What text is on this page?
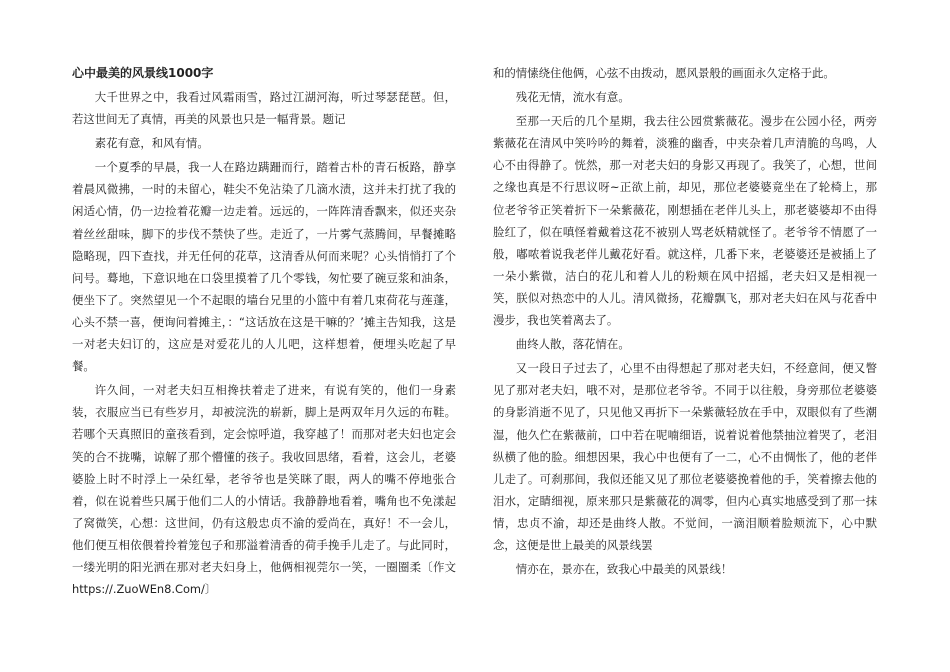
心中最美的风景线1000字

大千世界之中，我看过风霜雨雪，路过江湖河海，听过琴瑟琵琶。但，若这世间无了真情，再美的风景也只是一幅背景。题记

素花有意，和风有情。

一个夏季的早晨，我一人在路边蹒跚而行，踏着古朴的青石板路，静享着晨风微拂，一时的未留心，鞋尖不免沾染了几滴水渍，这并未打扰了我的闲适心情，仍一边捡着花瓣一边走着。远远的，一阵阵清香飘来，似还夹杂着丝丝甜味，脚下的步伐不禁快了些。走近了，一片雾气蒸腾间，早餐摊略隐略现，四下查找，并无任何的花草，这清香从何而来呢？心头悄悄打了个问号。蓦地，下意识地在口袋里摸着了几个零钱，匆忙要了碗豆浆和油条，便坐下了。突然望见一个不起眼的墙台兄里的小篮中有着几束荷花与莲蓬，心头不禁一喜，便询问着摊主，：“这话放在这是干嘛的？’摊主告知我，这是一对老夫妇订的，这应是对爱花儿的人儿吧，这样想着，便埋头吃起了早餐。

许久间，一对老夫妇互相搀扶着走了进来，有说有笑的，他们一身素装，衣服应当已有些岁月，却被浣洗的崭新，脚上是两双年月久远的布鞋。若哪个天真照旧的童孩看到，定会惊呼道，我穿越了！而那对老夫妇也定会笑的合不拢嘴，谅解了那个懵懂的孩子。我收回思绪，看着，这会儿，老婆婆脸上时不时浮上一朵红晕，老爷爷也是笑眯了眼，两人的嘴不停地张合着，似在说着些只属于他们二人的小情话。我静静地看着，嘴角也不免漾起了窝微笑，心想：这世间，仍有这般忠贞不渝的爱尚在，真好！不一会儿，他们便互相依偎着拎着笼包子和那溢着清香的荷手挽手儿走了。与此同时，一缕光明的阳光洒在那对老夫妇身上，他俩相视莞尔一笑，一圈圈柔〔作文https://.ZuoWEn8.Com/〕

和的情愫绕住他俩，心弦不由拨动，愿风景般的画面永久定格于此。

残花无情，流水有意。

至那一天后的几个星期，我去往公园赏紫薇花。漫步在公园小径，两旁紫薇花在清风中笑吟吟的舞着，淡雅的幽香，中夹杂着几声清脆的鸟鸣，人心不由得静了。恍然，那一对老夫妇的身影又再现了。我笑了，心想，世间之缘也真是不行思议呀~正欲上前，却见，那位老婆婆竟坐在了轮椅上，那位老爷爷正笑着折下一朵紫薇花，刚想插在老伴儿头上，那老婆婆却不由得脸红了，似在嗔怪着戴着这花不被别人骂老妖精就怪了。老爷爷不情愿了一般，嘟哝着说我老伴儿戴花好看。就这样，几番下来，老婆婆还是被插上了一朵小紫微，洁白的花儿和着人儿的粉颊在风中招摇，老夫妇又是相视一笑，朕似对热恋中的人儿。清风微扬，花瓣飘飞，那对老夫妇在风与花香中漫步，我也笑着离去了。

曲终人散，落花情在。

又一段日子过去了，心里不由得想起了那对老夫妇，不经意间，便又瞥见了那对老夫妇，哦不对，是那位老爷爷。不同于以往般，身旁那位老婆婆的身影消逝不见了，只见他又再折下一朵紫薇轻放在手中，双眼似有了些潮湿，他久伫在紫薇前，口中若在呢喃细语，说着说着他禁抽泣着哭了，老泪纵横了他的脸。细想因果，我心中也便有了一二，心不由惆怅了，他的老伴儿走了。可刹那间，我似还能又见了那位老婆婆挽着他的手，笑着擦去他的泪水，定睛细视，原来那只是紫薇花的凋零，但内心真实地感受到了那一抹情，忠贞不渝，却还是曲终人散。不觉间，一滴泪顺着脸颊流下，心中默念，这便是世上最美的风景线罢

情亦在，景亦在，致我心中最美的风景线！
